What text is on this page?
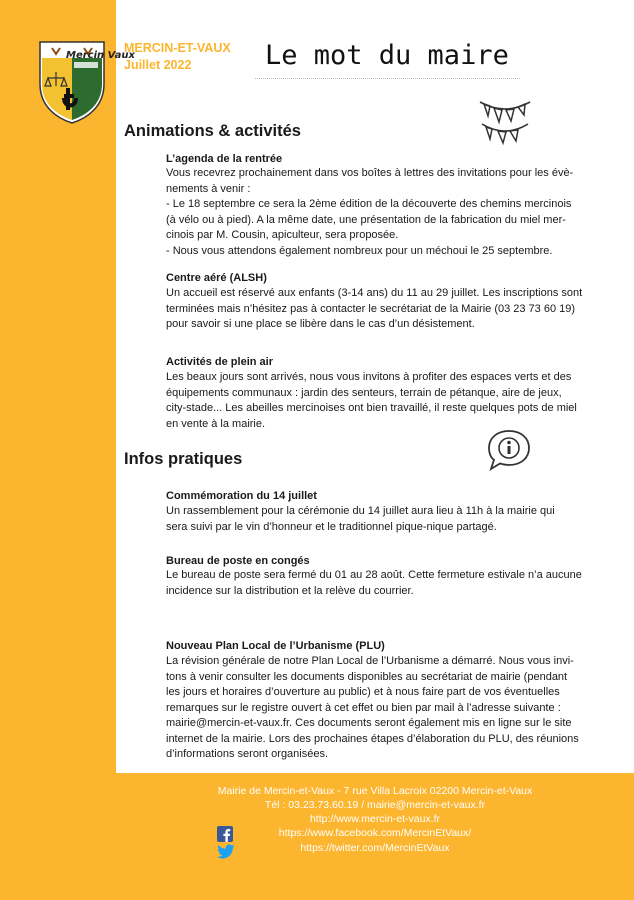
Mercin Vaux
MERCIN-ET-VAUX
Juillet 2022	Le mot du maire
Animations & activités
L’agenda de la rentrée
Vous recevrez prochainement dans vos boîtes à lettres des invitations pour les évè-
nements à venir :
- Le 18 septembre ce sera la 2ème édition de la découverte des chemins mercinois
(à vélo ou à pied). A la même date, une présentation de la fabrication du miel mer-
cinois par M. Cousin, apiculteur, sera proposée.
- Nous vous attendons également nombreux pour un méchoui le 25 septembre.
Centre aéré (ALSH)
Un accueil est réservé aux enfants (3-14 ans) du 11 au 29 juillet. Les inscriptions sont
terminées mais n’hésitez pas à contacter le secrétariat de la Mairie (03 23 73 60 19)
pour savoir si une place se libère dans le cas d’un désistement.
Activités de plein air
Les beaux jours sont arrivés, nous vous invitons à profiter des espaces verts et des
équipements communaux : jardin des senteurs, terrain de pétanque, aire de jeux,
city-stade... Les abeilles mercinoises ont bien travaillé, il reste quelques pots de miel
en vente à la mairie.
Infos pratiques
Commémoration du 14 juillet
Un rassemblement pour la cérémonie du 14 juillet aura lieu à 11h à la mairie qui
sera suivi par le vin d’honneur et le traditionnel pique-nique partagé.
Bureau de poste en congés
Le bureau de poste sera fermé du 01 au 28 août. Cette fermeture estivale n’a aucune
incidence sur la distribution et la relève du courrier.
Nouveau Plan Local de l’Urbanisme (PLU)
La révision générale de notre Plan Local de l’Urbanisme a démarré. Nous vous invi-
tons à venir consulter les documents disponibles au secrétariat de mairie (pendant
les jours et horaires d’ouverture au public) et à nous faire part de vos éventuelles
remarques sur le registre ouvert à cet effet ou bien par mail à l’adresse suivante :
mairie@mercin-et-vaux.fr. Ces documents seront également mis en ligne sur le site
internet de la mairie. Lors des prochaines étapes d’élaboration du PLU, des réunions
d’informations seront organisées.
Mairie de Mercin-et-Vaux - 7 rue Villa Lacroix 02200 Mercin-et-Vaux
Tél : 03.23.73.60.19 / mairie@mercin-et-vaux.fr
http://www.mercin-et-vaux.fr
https://www.facebook.com/MercinEtVaux/
https://twitter.com/MercinEtVaux
